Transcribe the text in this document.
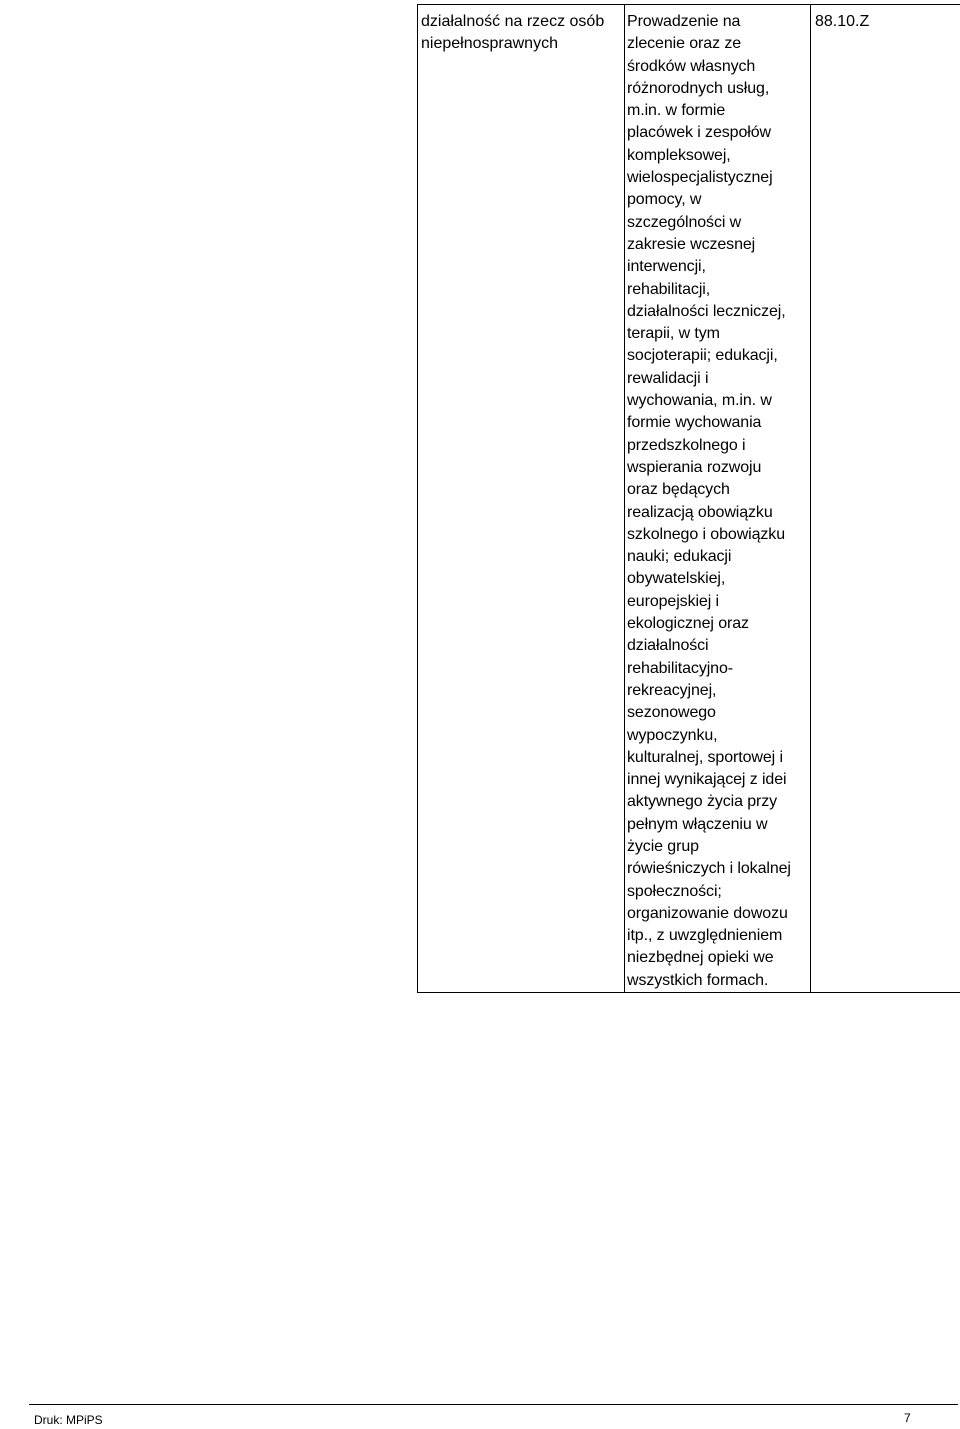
działalność na rzecz osób
niepełnosprawnych

Prowadzenie na
zlecenie oraz ze
środków własnych
różnorodnych usług,
m.in. w formie
placówek i zespołów
kompleksowej,
wielospecjalistycznej
pomocy, w
szczególności w
zakresie wczesnej
interwencji,
rehabilitacji,
działalności leczniczej,
terapii, w tym
socjoterapii; edukacji,
rewalidacji i
wychowania, m.in. w
formie wychowania
przedszkolnego i
wspierania rozwoju
oraz będących
realizacją obowiązku
szkolnego i obowiązku
nauki; edukacji
obywatelskiej,
europejskiej i
ekologicznej oraz
działalności
rehabilitacyjno-
rekreacyjnej,
sezonowego
wypoczynku,
kulturalnej, sportowej i
innej wynikającej z idei
aktywnego życia przy
pełnym włączeniu w
życie grup
rówieśniczych i lokalnej
społeczności;
organizowanie dowozu
itp., z uwzględnieniem
niezbędnej opieki we
wszystkich formach.

88.10.Z
Druk: MPiPS	7
